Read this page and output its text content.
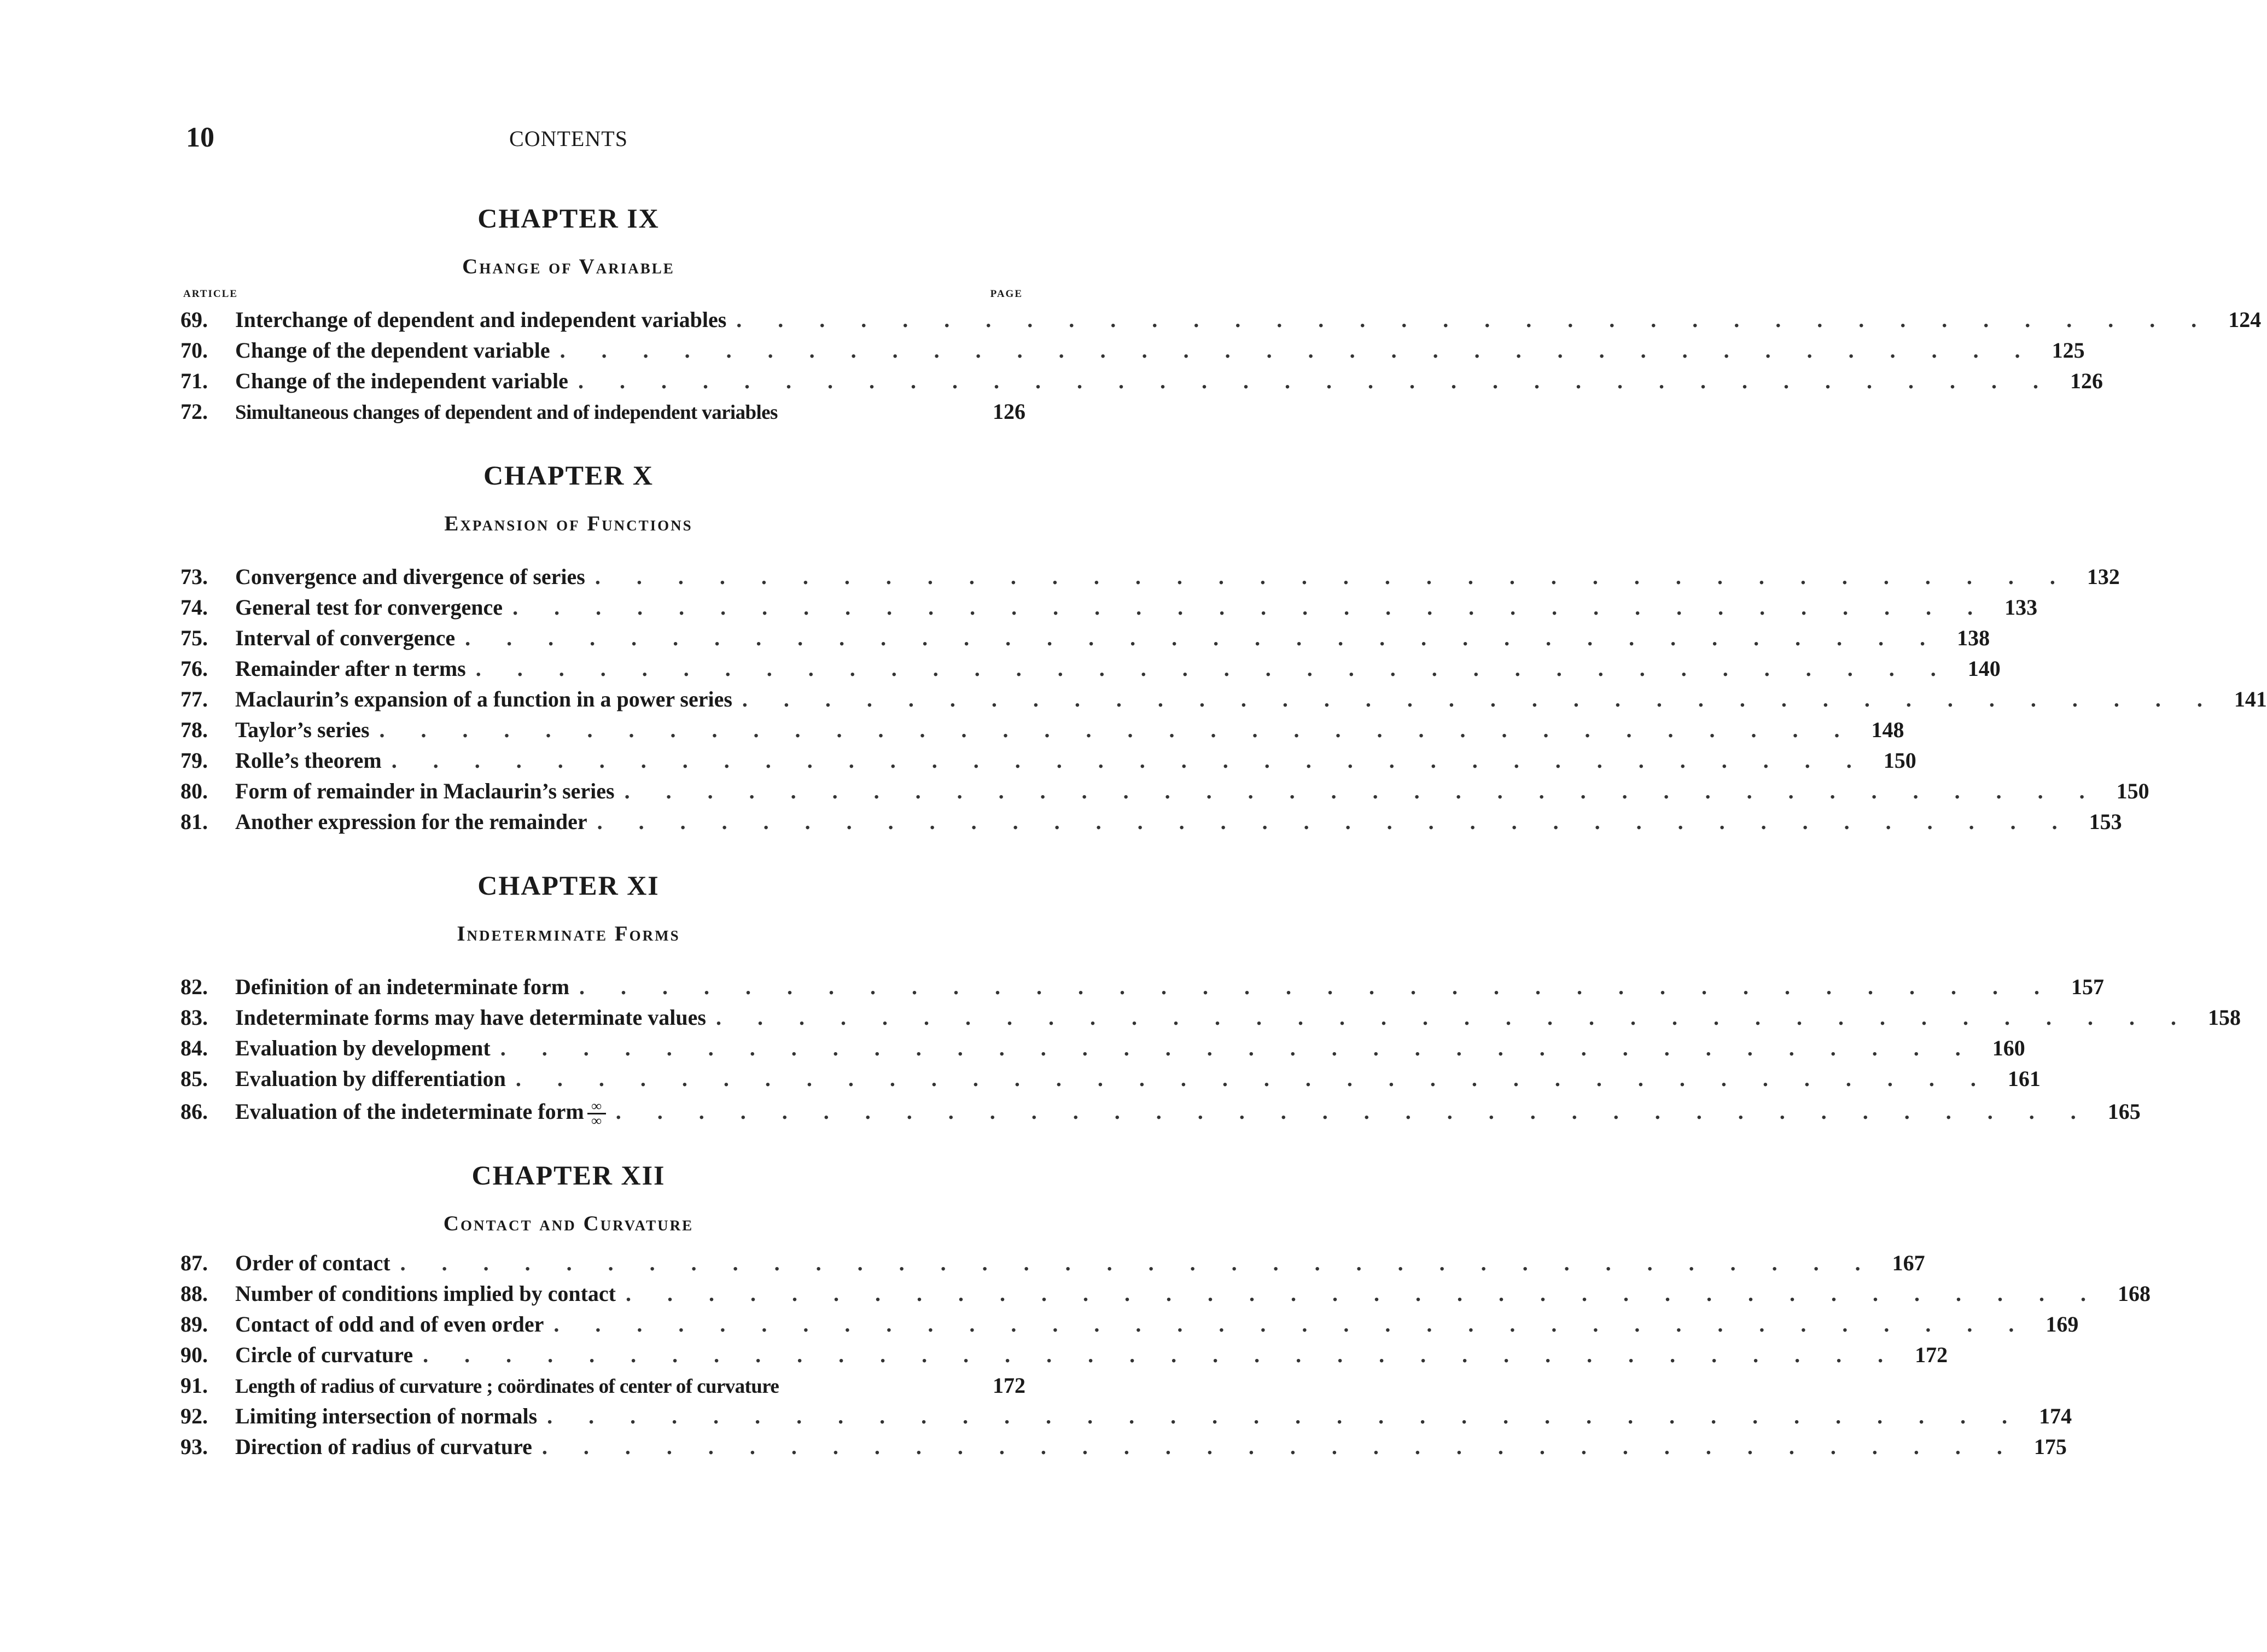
10	CONTENTS
ARTICLE	PAGE
CHAPTER IX
Change of Variable
69.	Interchange of dependent and independent variables . . . . . . . . . . . . . . . . . . . . . . . . . . . . . . . . . . . . 124
70.	Change of the dependent variable . . . . . . . . . . . . . . . . . . . . . . . . . . . . . . . . . . . . 125
71.	Change of the independent variable . . . . . . . . . . . . . . . . . . . . . . . . . . . . . . . . . . . . 126
72.	Simultaneous changes of dependent and of independent variables	126
CHAPTER X
Expansion of Functions
73.	Convergence and divergence of series . . . . . . . . . . . . . . . . . . . . . . . . . . . . . . . . . . . . 132
74.	General test for convergence . . . . . . . . . . . . . . . . . . . . . . . . . . . . . . . . . . . . 133
75.	Interval of convergence . . . . . . . . . . . . . . . . . . . . . . . . . . . . . . . . . . . . 138
76.	Remainder after n terms . . . . . . . . . . . . . . . . . . . . . . . . . . . . . . . . . . . . 140
77.	Maclaurin’s expansion of a function in a power series . . . . . . . . . . . . . . . . . . . . . . . . . . . . . . . . . . . . 141
78.	Taylor’s series . . . . . . . . . . . . . . . . . . . . . . . . . . . . . . . . . . . . 148
79.	Rolle’s theorem . . . . . . . . . . . . . . . . . . . . . . . . . . . . . . . . . . . . 150
80.	Form of remainder in Maclaurin’s series . . . . . . . . . . . . . . . . . . . . . . . . . . . . . . . . . . . . 150
81.	Another expression for the remainder . . . . . . . . . . . . . . . . . . . . . . . . . . . . . . . . . . . . 153
CHAPTER XI
Indeterminate Forms
82.	Definition of an indeterminate form . . . . . . . . . . . . . . . . . . . . . . . . . . . . . . . . . . . . 157
83.	Indeterminate forms may have determinate values . . . . . . . . . . . . . . . . . . . . . . . . . . . . . . . . . . . . 158
84.	Evaluation by development . . . . . . . . . . . . . . . . . . . . . . . . . . . . . . . . . . . . 160
85.	Evaluation by differentiation . . . . . . . . . . . . . . . . . . . . . . . . . . . . . . . . . . . . 161
86.	Evaluation of the indeterminate form $\frac{\infty}{\infty}$ . . . . . . . . . . . . . . . . . . . . . . . . . . . . . . . . . . . . 165
CHAPTER XII
Contact and Curvature
87.	Order of contact . . . . . . . . . . . . . . . . . . . . . . . . . . . . . . . . . . . . 167
88.	Number of conditions implied by contact . . . . . . . . . . . . . . . . . . . . . . . . . . . . . . . . . . . . 168
89.	Contact of odd and of even order . . . . . . . . . . . . . . . . . . . . . . . . . . . . . . . . . . . . 169
90.	Circle of curvature . . . . . . . . . . . . . . . . . . . . . . . . . . . . . . . . . . . . 172
91.	Length of radius of curvature ; coördinates of center of curvature	172
92.	Limiting intersection of normals . . . . . . . . . . . . . . . . . . . . . . . . . . . . . . . . . . . . 174
93.	Direction of radius of curvature . . . . . . . . . . . . . . . . . . . . . . . . . . . . . . . . . . . . 175
